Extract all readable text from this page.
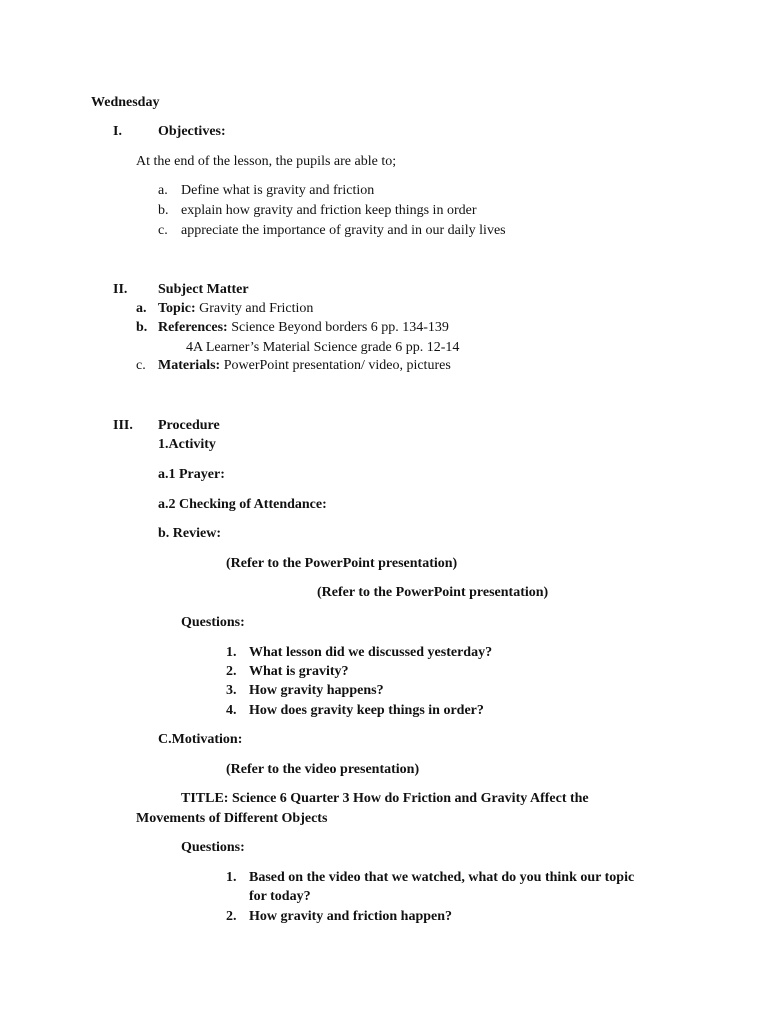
Wednesday
I.	Objectives:
At the end of the lesson, the pupils are able to;
a. Define what is gravity and friction
b. explain how gravity and friction keep things in order
c. appreciate the importance of gravity and in our daily lives
II. Subject Matter
a. Topic: Gravity and Friction
b. References: Science Beyond borders 6 pp. 134-139
4A Learner’s Material Science grade 6 pp. 12-14
c. Materials: PowerPoint presentation/ video, pictures
III. Procedure
1.Activity
a.1 Prayer:
a.2 Checking of Attendance:
b. Review:
(Refer to the PowerPoint presentation)
(Refer to the PowerPoint presentation)
Questions:
1. What lesson did we discussed yesterday?
2. What is gravity?
3. How gravity happens?
4. How does gravity keep things in order?
C.Motivation:
(Refer to the video presentation)
TITLE: Science 6 Quarter 3 How do Friction and Gravity Affect the
Movements of Different Objects
Questions:
1. Based on the video that we watched, what do you think our topic
for today?
2. How gravity and friction happen?
